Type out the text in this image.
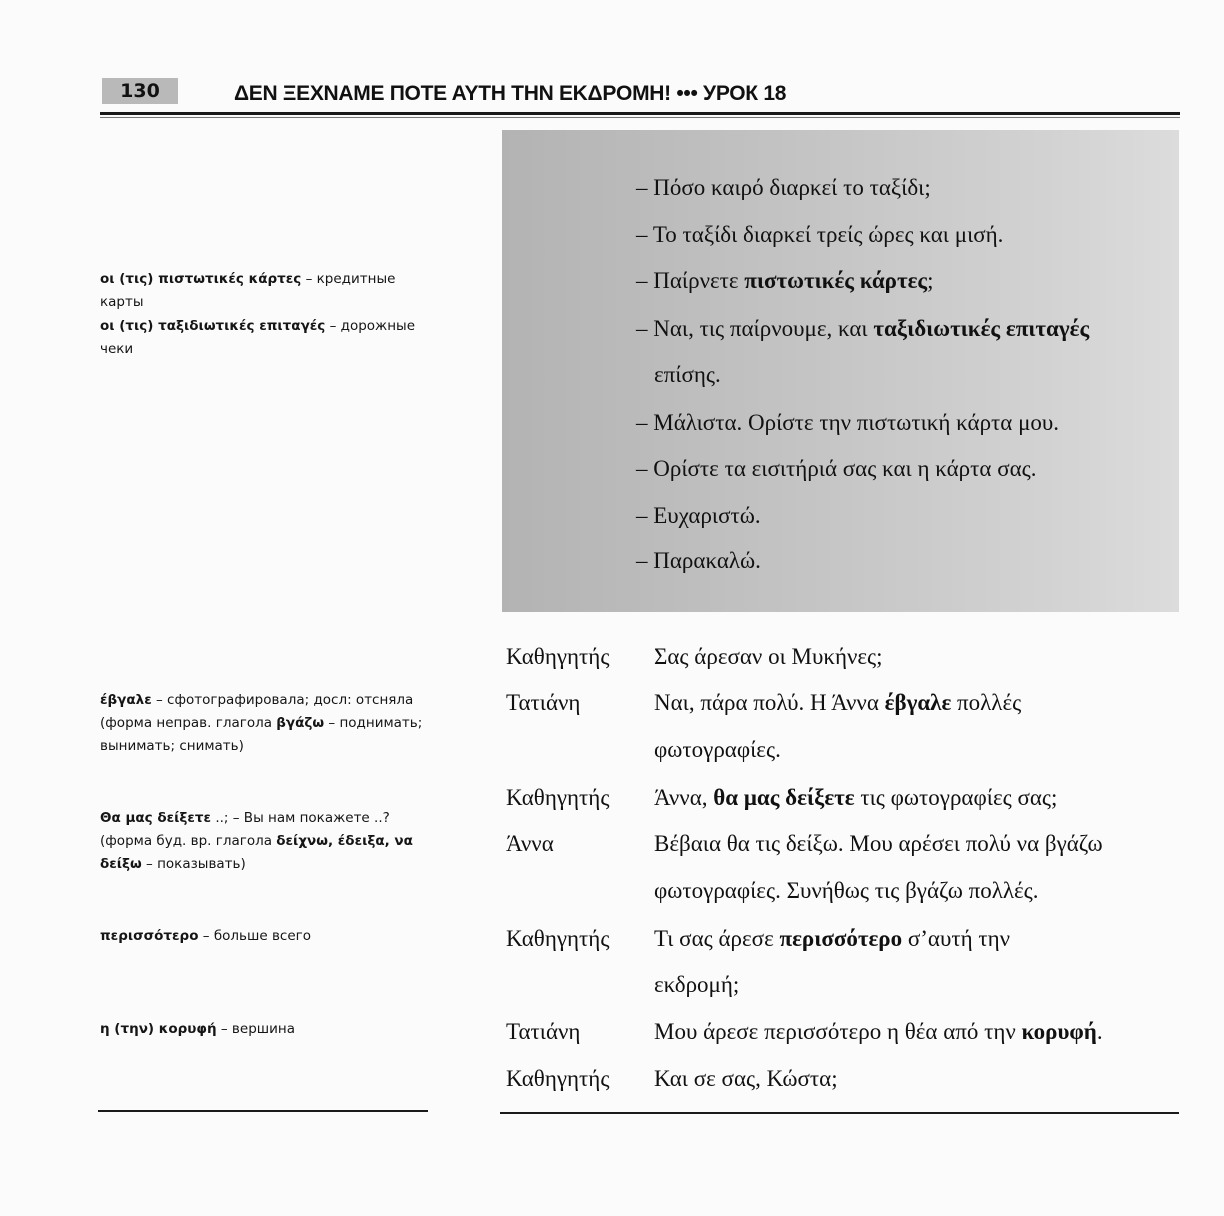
130	ΔΕΝ ΞΕΧΝΑΜΕ ΠΟΤΕ ΑΥΤΗ ΤΗΝ ΕΚΔΡΟΜΗ! ••• УРОК 18
οι (τις) πιστωτικές κάρτες – кредитные карты
οι (τις) ταξιδιωτικές επιταγές – дорожные чеки
έβγαλε – сфотографировала; досл: отсняла (форма неправ. глагола βγάζω – поднимать; вынимать; снимать)
Θα μας δείξετε ..; – Вы нам покажете ..? (форма буд. вр. глагола δείχνω, έδειξα, να δείξω – показывать)
περισσότερο – больше всего
η (την) κορυφή – вершина
– Πόσο καιρό διαρκεί το ταξίδι;
– Το ταξίδι διαρκεί τρείς ώρες και μισή.
– Παίρνετε πιστωτικές κάρτες;
– Ναι, τις παίρνουμε, και ταξιδιωτικές επιταγές
επίσης.
– Μάλιστα. Ορίστε την πιστωτική κάρτα μου.
– Ορίστε τα εισιτήριά σας και η κάρτα σας.
– Ευχαριστώ.
– Παρακαλώ.
Καθηγητής Σας άρεσαν οι Μυκήνες;
Τατιάνη	Ναι, πάρα πολύ. Η Άννα έβγαλε πολλές
φωτογραφίες.
Καθηγητής Άννα, θα μας δείξετε τις φωτογραφίες σας;
Άννα	Βέβαια θα τις δείξω. Μου αρέσει πολύ να βγάζω
φωτογραφίες. Συνήθως τις βγάζω πολλές.
Καθηγητής Τι σας άρεσε περισσότερο σ’αυτή την
εκδρομή;
Τατιάνη	Μου άρεσε περισσότερο η θέα από την κορυφή.
Καθηγητής Και σε σας, Κώστα;
